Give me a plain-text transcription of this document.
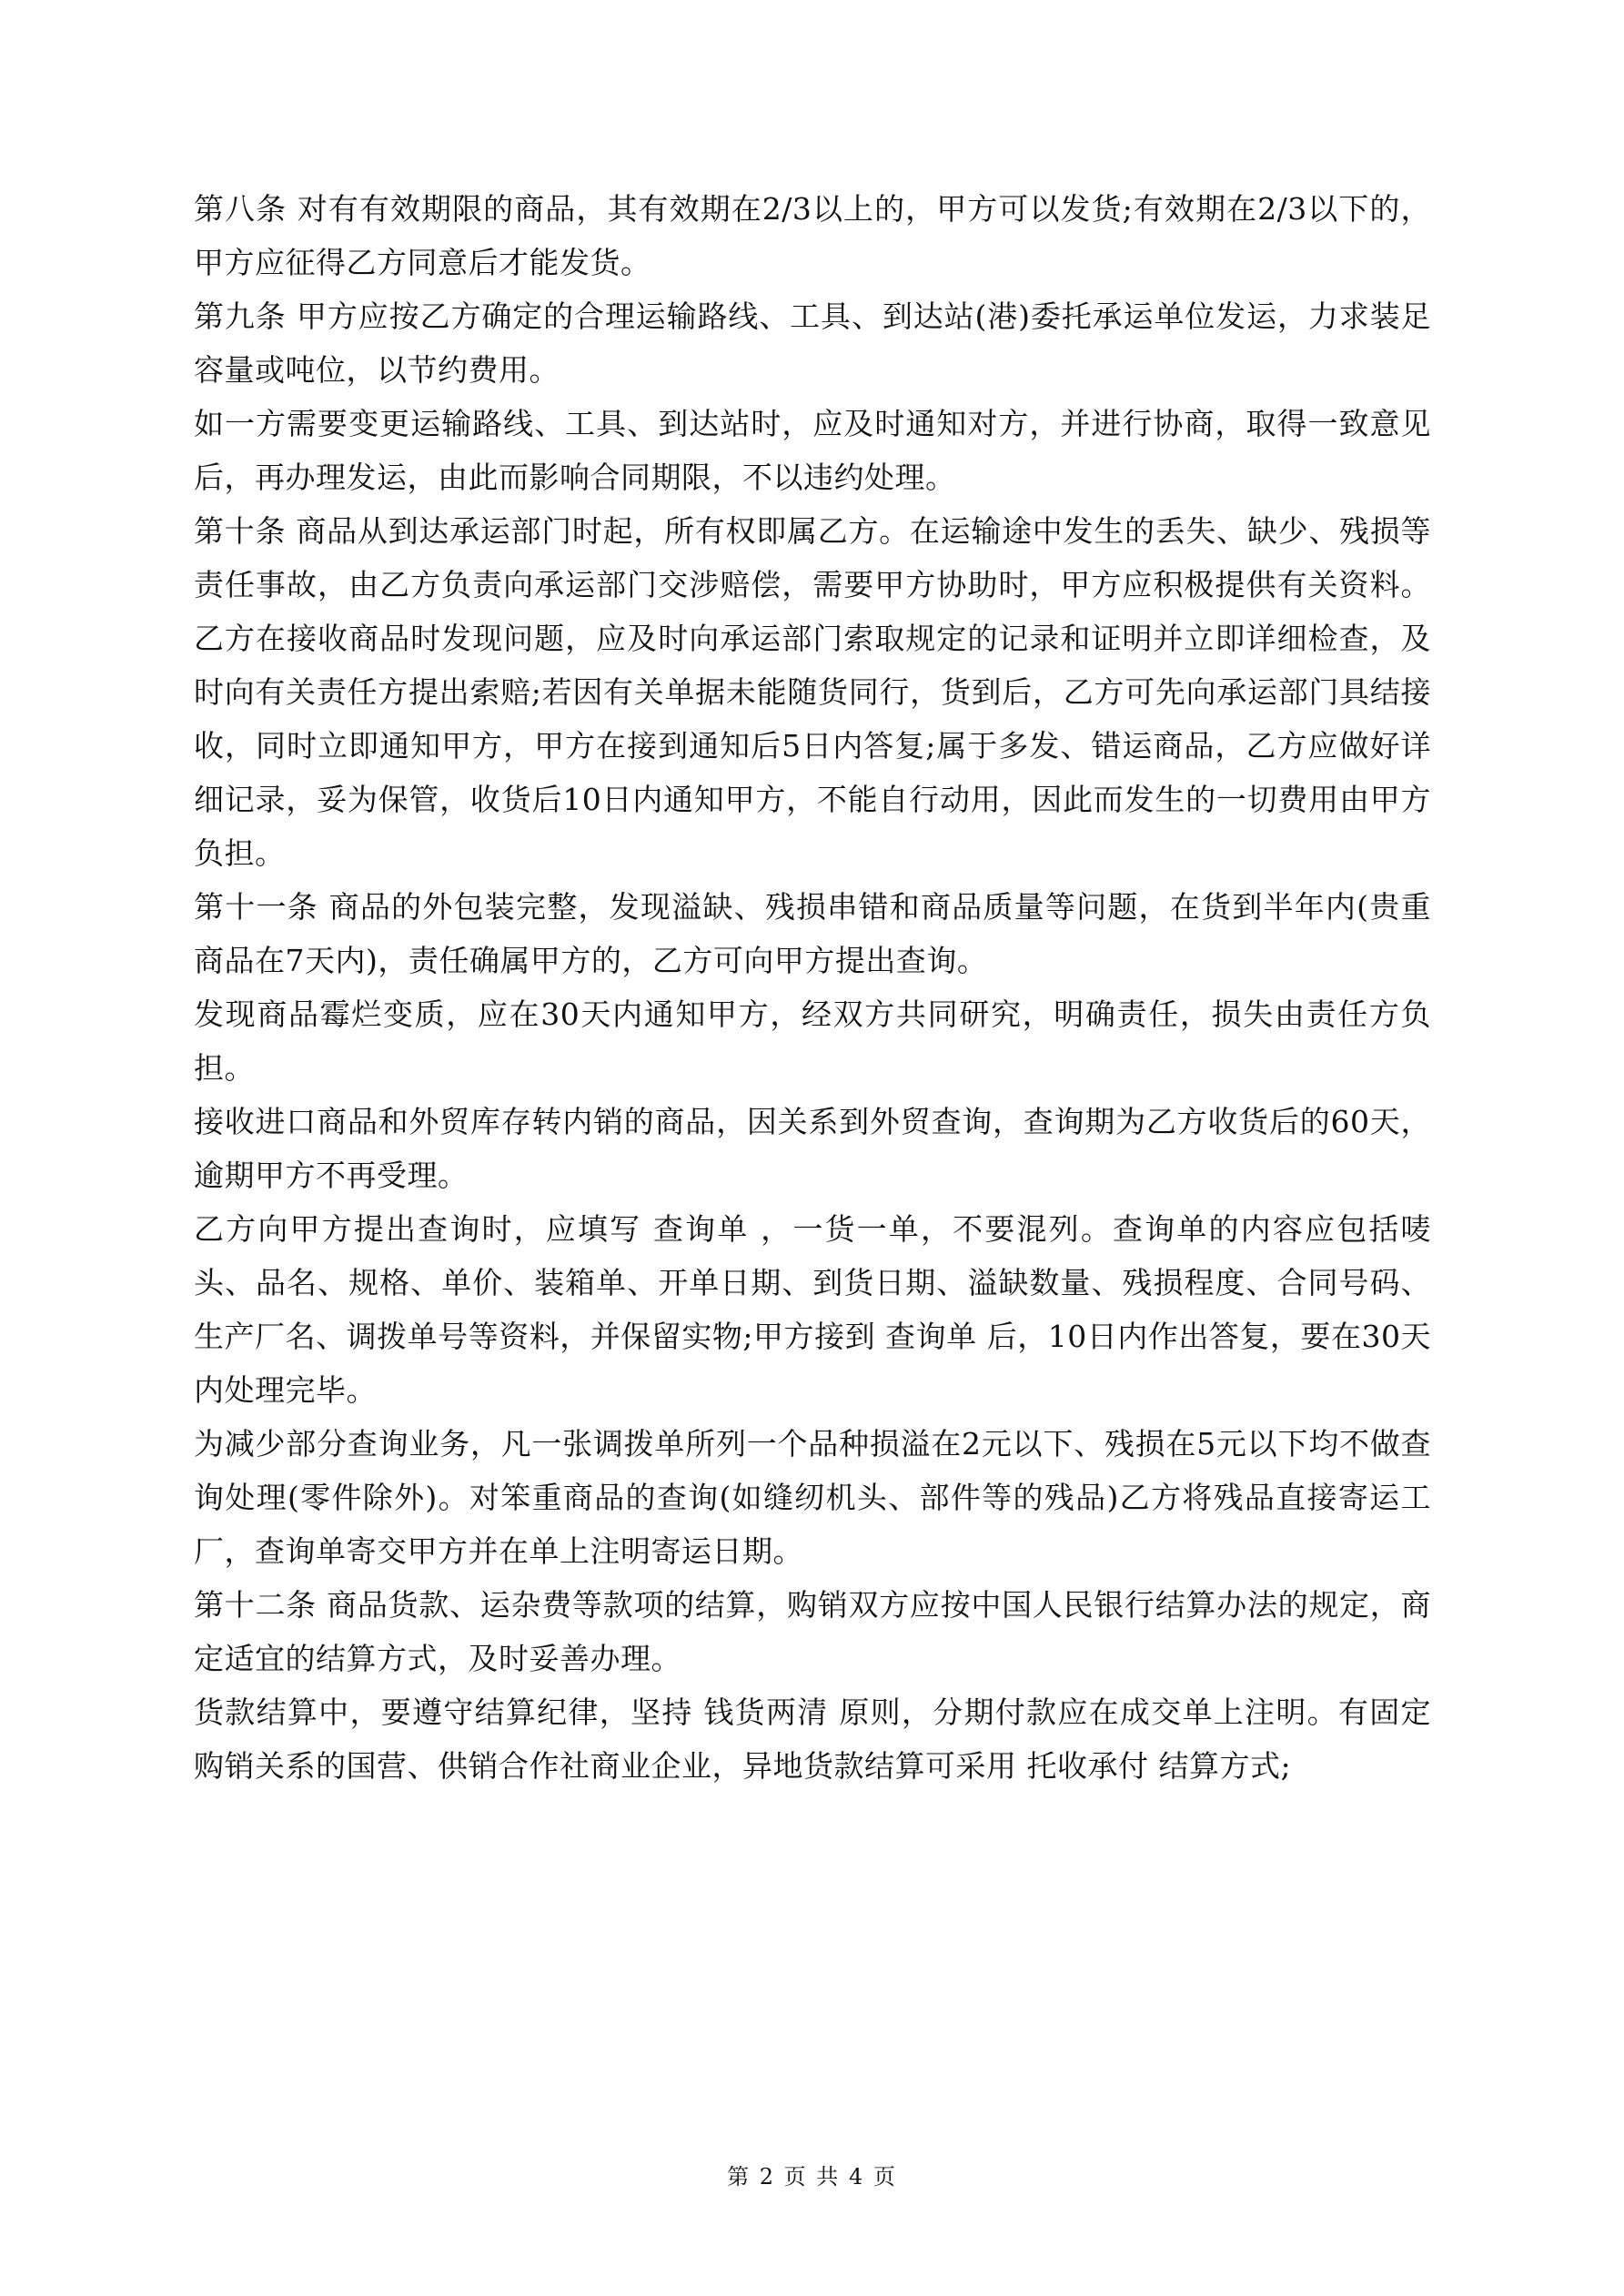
第八条 对有有效期限的商品，其有效期在2/3以上的，甲方可以发货;有效期在2/3以下的，甲方应征得乙方同意后才能发货。

第九条 甲方应按乙方确定的合理运输路线、工具、到达站(港)委托承运单位发运，力求装足容量或吨位，以节约费用。

如一方需要变更运输路线、工具、到达站时，应及时通知对方，并进行协商，取得一致意见后，再办理发运，由此而影响合同期限，不以违约处理。

第十条 商品从到达承运部门时起，所有权即属乙方。在运输途中发生的丢失、缺少、残损等责任事故，由乙方负责向承运部门交涉赔偿，需要甲方协助时，甲方应积极提供有关资料。乙方在接收商品时发现问题，应及时向承运部门索取规定的记录和证明并立即详细检查，及时向有关责任方提出索赔;若因有关单据未能随货同行，货到后，乙方可先向承运部门具结接收，同时立即通知甲方，甲方在接到通知后5日内答复;属于多发、错运商品，乙方应做好详细记录，妥为保管，收货后10日内通知甲方，不能自行动用，因此而发生的一切费用由甲方负担。

第十一条 商品的外包装完整，发现溢缺、残损串错和商品质量等问题，在货到半年内(贵重商品在7天内)，责任确属甲方的，乙方可向甲方提出查询。

发现商品霉烂变质，应在30天内通知甲方，经双方共同研究，明确责任，损失由责任方负担。

接收进口商品和外贸库存转内销的商品，因关系到外贸查询，查询期为乙方收货后的60天，逾期甲方不再受理。

乙方向甲方提出查询时，应填写 查询单 ，一货一单，不要混列。查询单的内容应包括唛头、品名、规格、单价、装箱单、开单日期、到货日期、溢缺数量、残损程度、合同号码、生产厂名、调拨单号等资料，并保留实物;甲方接到 查询单 后，10日内作出答复，要在30天内处理完毕。

为减少部分查询业务，凡一张调拨单所列一个品种损溢在2元以下、残损在5元以下均不做查询处理(零件除外)。对笨重商品的查询(如缝纫机头、部件等的残品)乙方将残品直接寄运工厂，查询单寄交甲方并在单上注明寄运日期。

第十二条 商品货款、运杂费等款项的结算，购销双方应按中国人民银行结算办法的规定，商定适宜的结算方式，及时妥善办理。

货款结算中，要遵守结算纪律，坚持 钱货两清 原则，分期付款应在成交单上注明。有固定购销关系的国营、供销合作社商业企业，异地货款结算可采用 托收承付 结算方式;

第 2 页 共 4 页
